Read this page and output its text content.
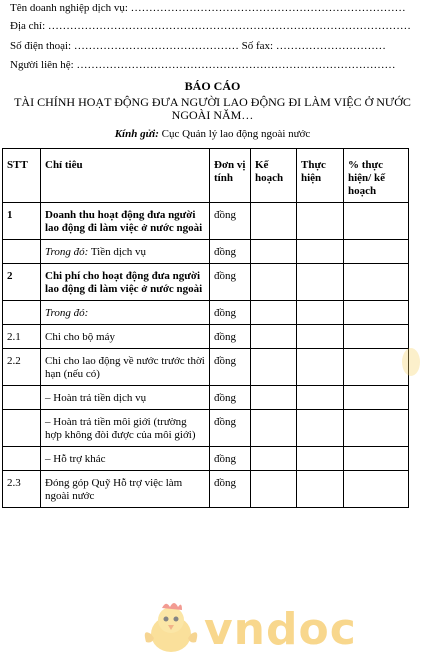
Tên doanh nghiệp dịch vụ: …………………………………………………………………
Địa chỉ: ………………………………………………………………………………………
Số điện thoại: ……………………………………… Số fax: …………………………
Người liên hệ: ……………………………………………………………………………
BÁO CÁO
TÀI CHÍNH HOẠT ĐỘNG ĐƯA NGƯỜI LAO ĐỘNG ĐI LÀM VIỆC Ở NƯỚC NGOÀI NĂM…
Kính gửi: Cục Quản lý lao động ngoài nước
STT	Chỉ tiêu	Đơn vị tính	Kế hoạch	Thực hiện	% thực hiện/ kế hoạch
1	Doanh thu hoạt động đưa người lao động đi làm việc ở nước ngoài	đồng			
	Trong đó: Tiền dịch vụ	đồng			
2	Chi phí cho hoạt động đưa người lao động đi làm việc ở nước ngoài	đồng			
	Trong đó:	đồng			
2.1	Chi cho bộ máy	đồng			
2.2	Chi cho lao động về nước trước thời hạn (nếu có)	đồng			
	– Hoàn trả tiền dịch vụ	đồng			
	– Hoàn trả tiền môi giới (trường hợp không đòi được của môi giới)	đồng			
	– Hỗ trợ khác	đồng			
2.3	Đóng góp Quỹ Hỗ trợ việc làm ngoài nước	đồng			
vndoc
